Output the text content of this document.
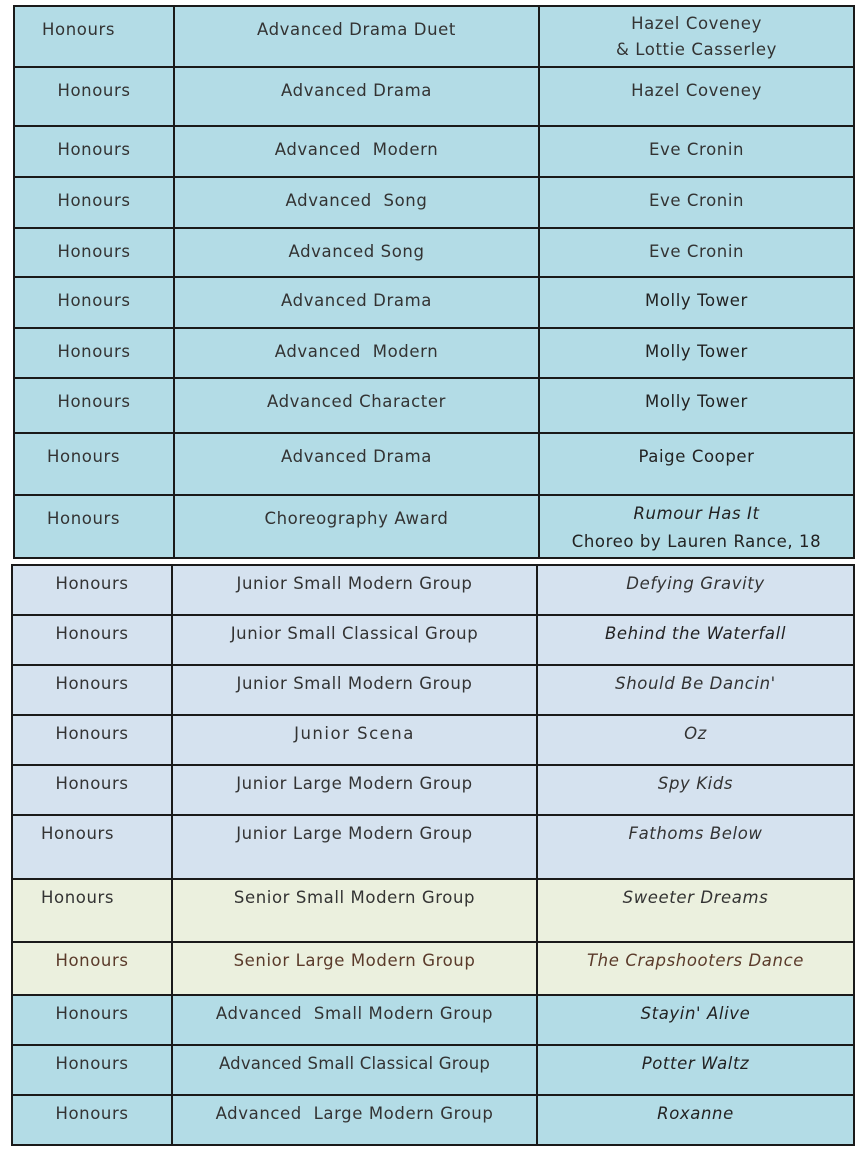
Honours	Advanced Drama Duet	Hazel Coveney
& Lottie Casserley

Honours	Advanced Drama	Hazel Coveney

Honours	Advanced  Modern	Eve Cronin

Honours	Advanced  Song	Eve Cronin

Honours	Advanced Song	Eve Cronin

Honours	Advanced Drama	Molly Tower

Honours	Advanced  Modern	Molly Tower

Honours	Advanced Character	Molly Tower

Honours	Advanced Drama	Paige Cooper

Honours	Choreography Award	Rumour Has It
Choreo by Lauren Rance, 18
Honours	Junior Small Modern Group	Defying Gravity

Honours	Junior Small Classical Group	Behind the Waterfall

Honours	Junior Small Modern Group	Should Be Dancin'

Honours	Junior Scena	Oz

Honours	Junior Large Modern Group	Spy Kids

Honours	Junior Large Modern Group	Fathoms Below

Honours	Senior Small Modern Group	Sweeter Dreams

Honours	Senior Large Modern Group	The Crapshooters Dance

Honours	Advanced  Small Modern Group	Stayin' Alive

Honours	Advanced Small Classical Group	Potter Waltz

Honours	Advanced  Large Modern Group	Roxanne
